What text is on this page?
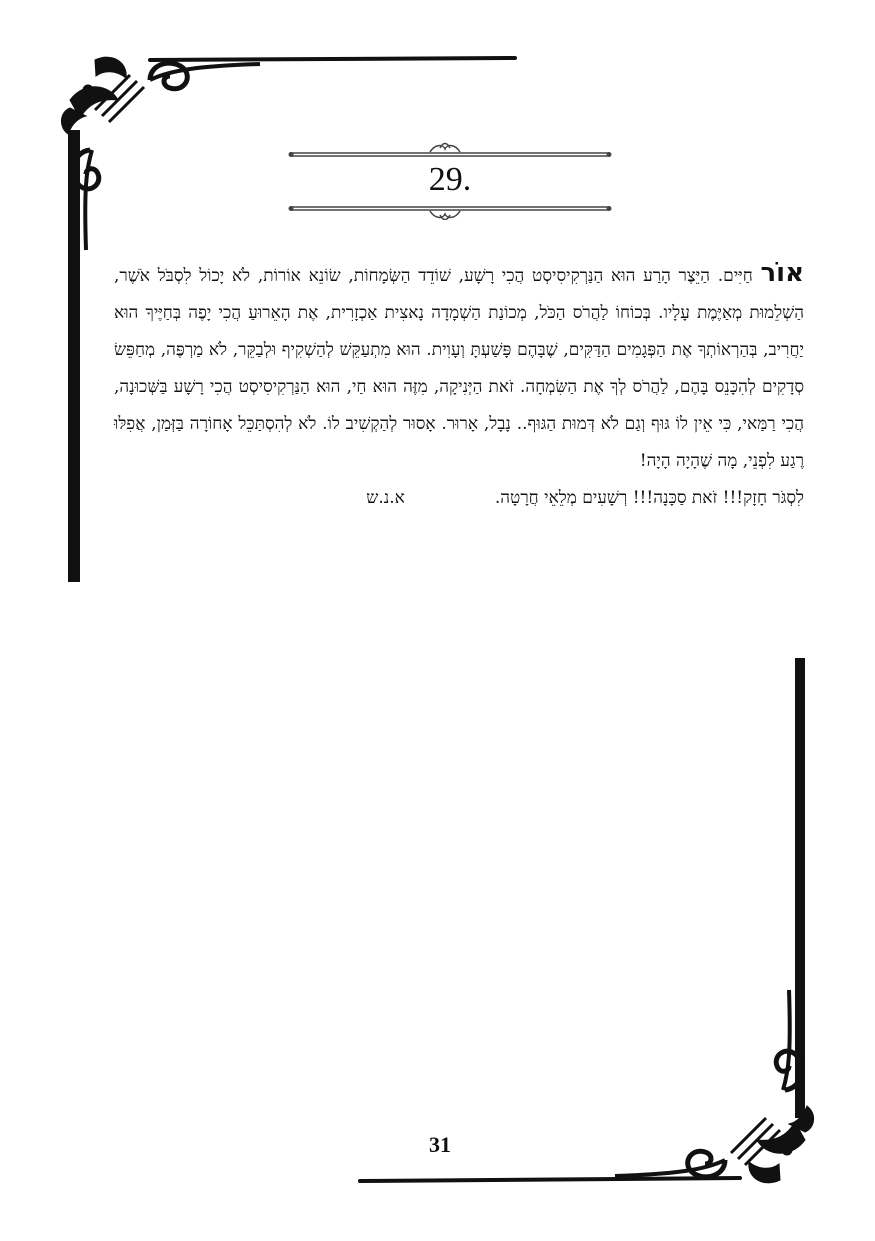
29.
אוֹר חַיִּים. הַיֵּצֶר הָרַע הוּא הַנַּרְקִיסִיסְט הֲכִי רָשָׁע, שׁוֹדֵד הַשְּׂמָחוֹת, שׂוֹנֵא אוֹרוֹת, לֹא יָכוֹל לִסְבֹּל אֹשֶׁר, הַשְׁלֵמוּת מְאַיֶּמֶת עָלָיו. בְּכוֹחוֹ לַהֲרֹס הַכֹּל, מְכוֹנַת הַשְׁמָדָה נָאצִית אַכְזָרִית, אֶת הָאֵרוּעַ הֲכִי יָפֶה בְּחַיֶּיךָ הוּא יַחֲרִיב, בְּהַרְאוֹתְךָ אֶת הַפְּגָמִים הַדַּקִּים, שֶׁבָּהֶם פָּשַׁעְתָּ וְעָוִית. הוּא מִתְעַקֵּשׁ לְהַשְׁקִיף וּלְבַקֵּר, לֹא מַרְפֶּה, מְחַפֵּשׂ סְדָקִים לְהִכָּנֵס בָּהֶם, לַהֲרֹס לְךָ אֶת הַשִּׂמְחָה. זֹאת הַיְּנִיקָה, מִזֶּה הוּא חַי, הוּא הַנַּרְקִיסִיסְט הֲכִי רָשָׁע בַּשְּׁכוּנָה, הֲכִי רַמַּאי, כִּי אֵין לוֹ גּוּף וְגַם לֹא דְּמוּת הַגּוּף.. נָבָל, אָרוּר. אָסוּר לְהַקְשִׁיב לוֹ. לֹא לְהִסְתַּכֵּל אָחוֹרָה בַּזְּמַן, אֲפִלּוּ רֶגַע לִפְנֵי, מָה שֶׁהָיָה הָיָה!
לִסְגֹּר חָזָק!!! זֹאת סַכָּנָה!!! רְשָׁעִים מְלֵאֵי חֲרָטָה.
א.נ.ש
31
